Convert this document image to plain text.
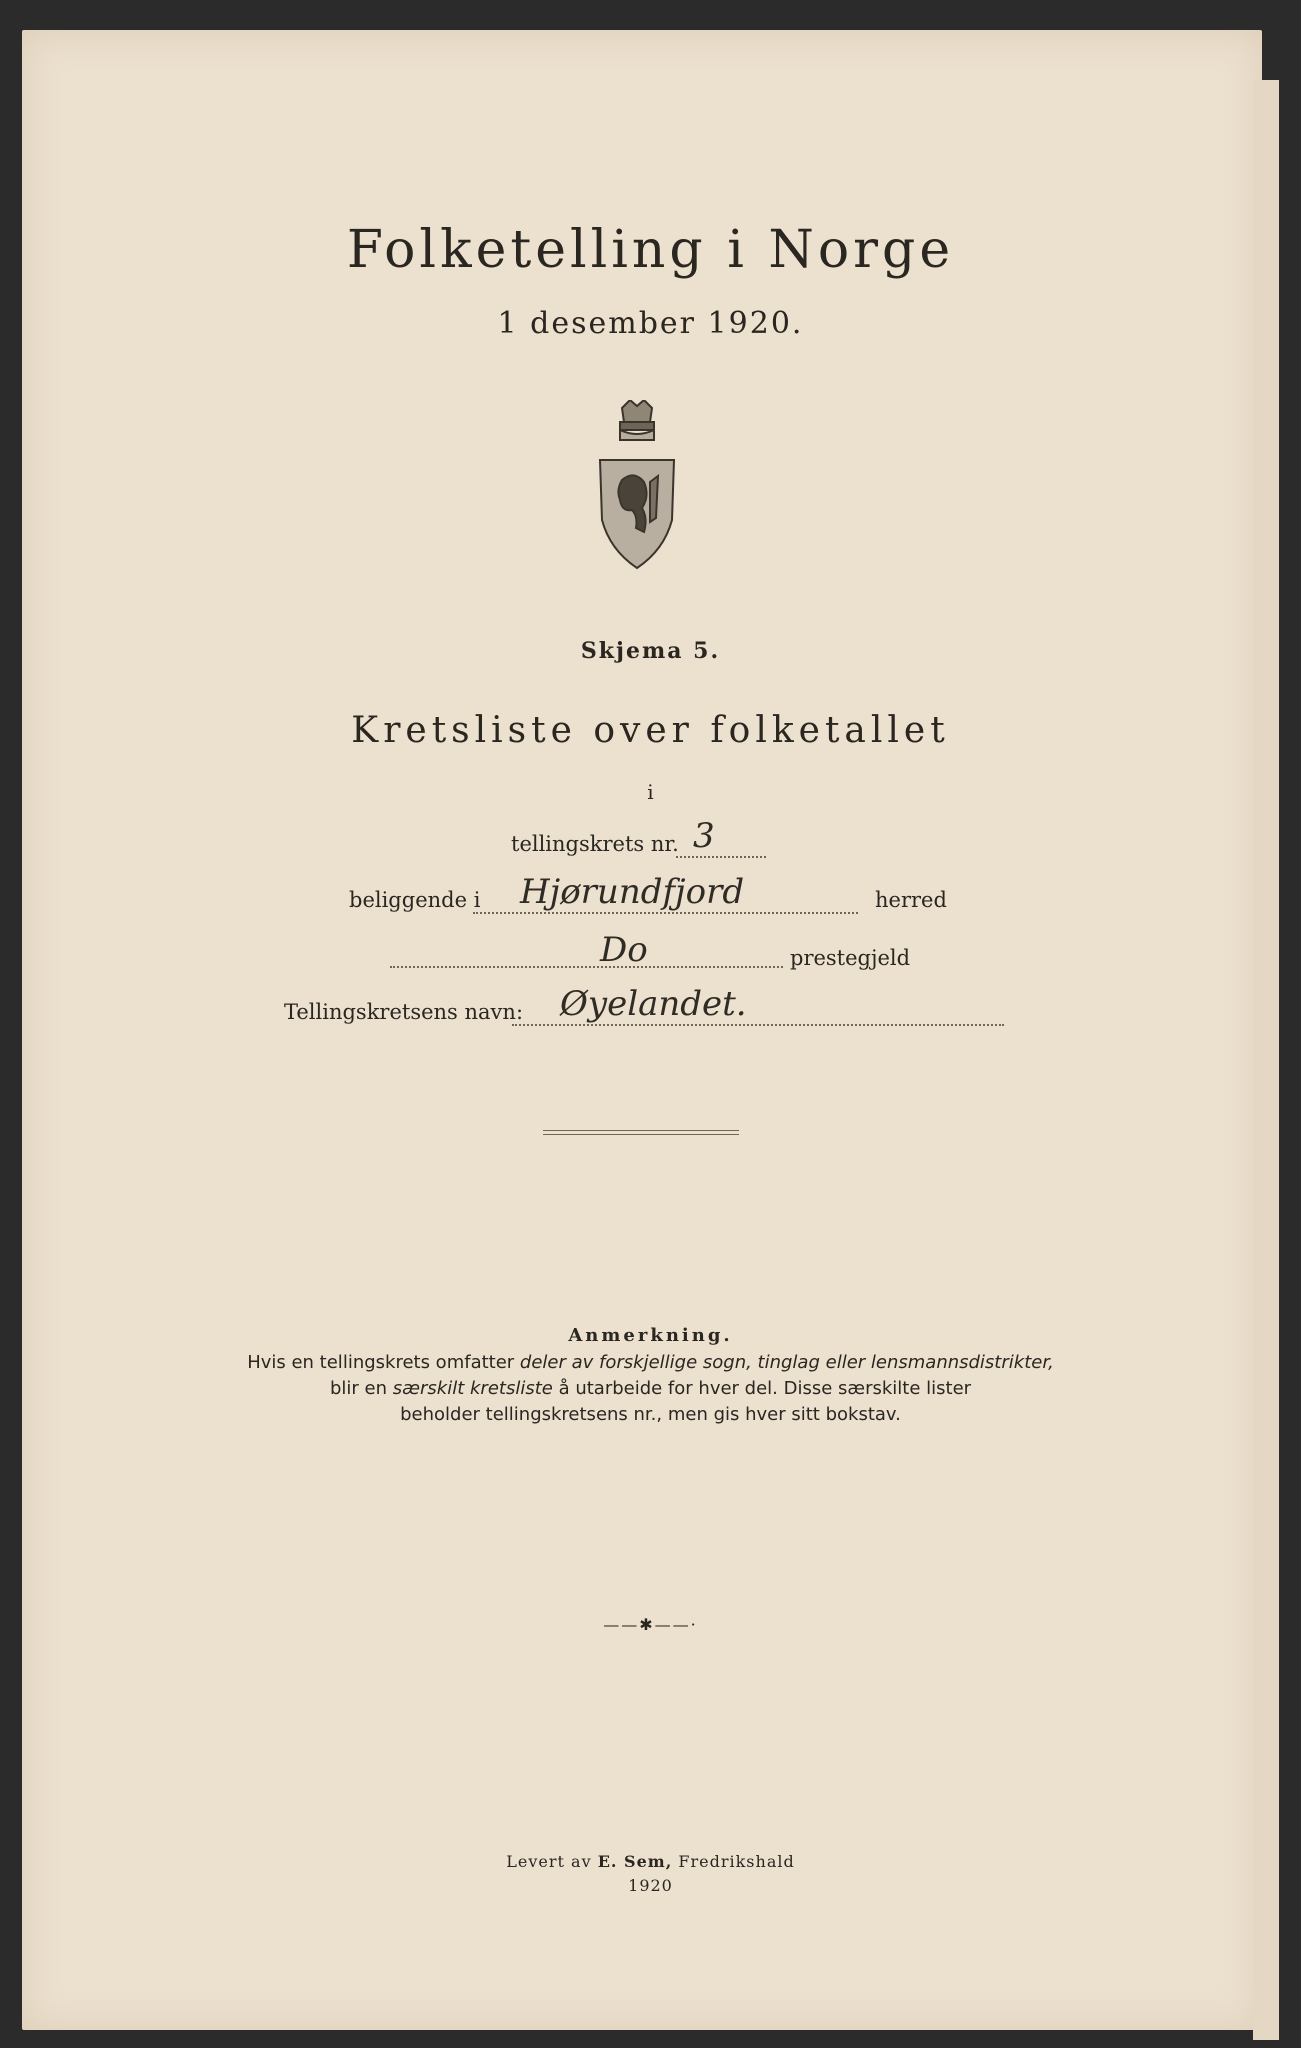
Folketelling i Norge
1 desember 1920.
Skjema 5.
Kretsliste over folketallet
i
tellingskrets nr. 3
beliggende i Hjørundfjord	herred
Do	prestegjeld
Tellingskretsens navn: Øyelandet.
Anmerkning.
Hvis en tellingskrets omfatter deler av forskjellige sogn, tinglag eller lensmannsdistrikter,
blir en særskilt kretsliste å utarbeide for hver del. Disse særskilte lister
beholder tellingskretsens nr., men gis hver sitt bokstav.
——✱——·
Levert av E. Sem, Fredrikshald
1920
